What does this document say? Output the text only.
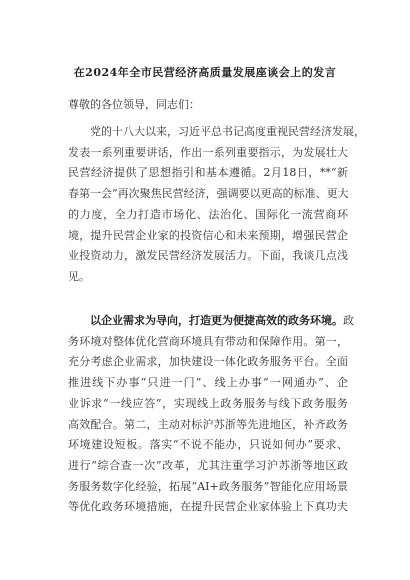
在2024年全市民营经济高质量发展座谈会上的发言
尊敬的各位领导，同志们：
党的十八大以来，习近平总书记高度重视民营经济发展，
发表一系列重要讲话，作出一系列重要指示，为发展壮大
民营经济提供了思想指引和基本遵循。2月18日，**“新
春第一会”再次聚焦民营经济，强调要以更高的标准、更大
的力度，全力打造市场化、法治化、国际化一流营商环
境，提升民营企业家的投资信心和未来预期，增强民营企
业投资动力，激发民营经济发展活力。下面，我谈几点浅
见。
以企业需求为导向，打造更为便捷高效的政务环境。政
务环境对整体优化营商环境具有带动和保障作用。第一，
充分考虑企业需求，加快建设一体化政务服务平台。全面
推进线下办事“只进一门”、线上办事“一网通办”、企
业诉求“一线应答”，实现线上政务服务与线下政务服务
高效配合。第二，主动对标沪苏浙等先进地区，补齐政务
环境建设短板。落实“不说不能办，只说如何办”要求、
进行“综合查一次”改革，尤其注重学习沪苏浙等地区政
务服务数字化经验，拓展“AI+政务服务”智能化应用场景
等优化政务环境措施，在提升民营企业家体验上下真功夫
